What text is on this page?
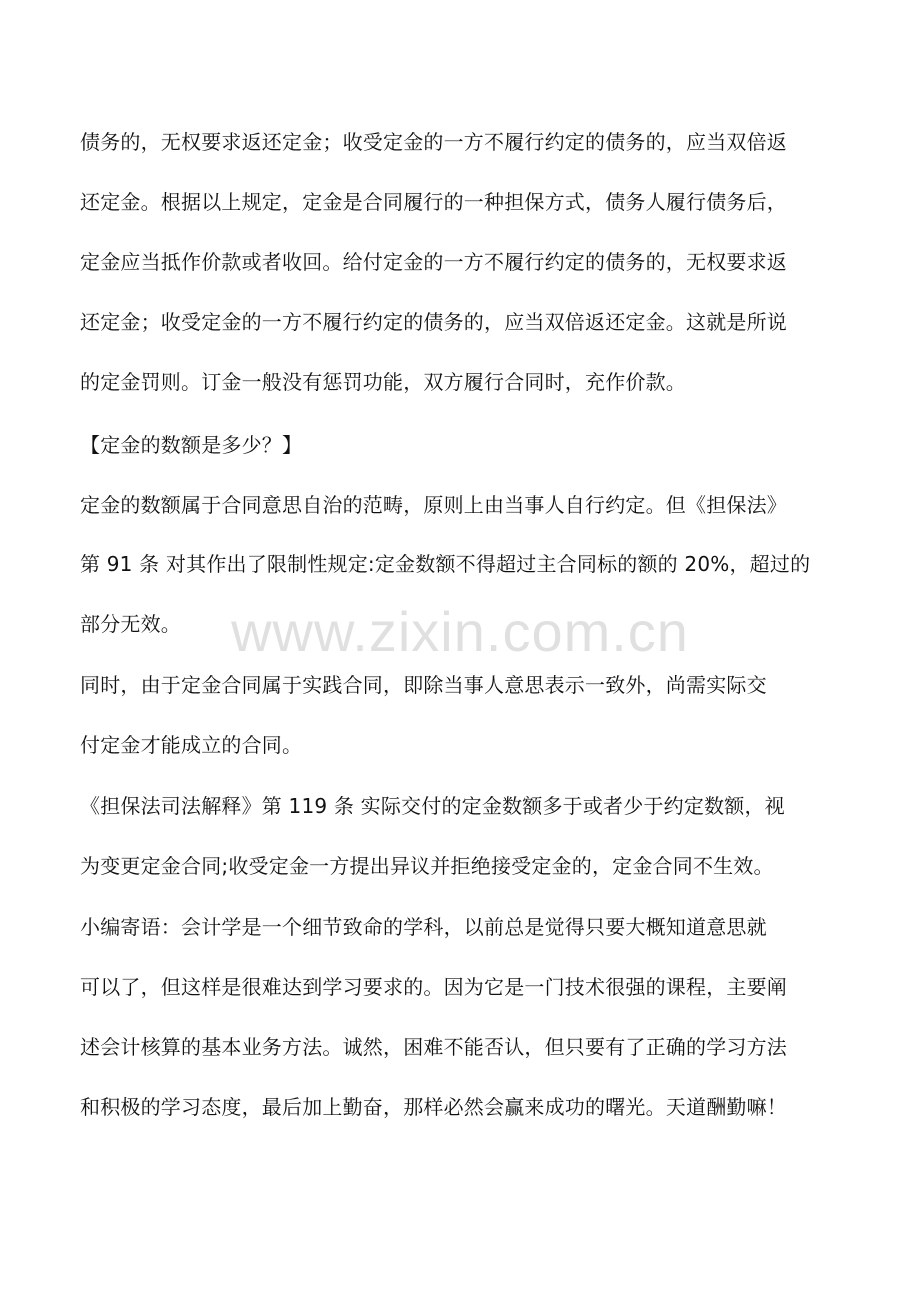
债务的，无权要求返还定金；收受定金的一方不履行约定的债务的，应当双倍返
还定金。根据以上规定，定金是合同履行的一种担保方式，债务人履行债务后，
定金应当抵作价款或者收回。给付定金的一方不履行约定的债务的，无权要求返
还定金；收受定金的一方不履行约定的债务的，应当双倍返还定金。这就是所说
的定金罚则。订金一般没有惩罚功能，双方履行合同时，充作价款。
【定金的数额是多少？】
定金的数额属于合同意思自治的范畴，原则上由当事人自行约定。但《担保法》
第 91 条 对其作出了限制性规定:定金数额不得超过主合同标的额的 20%，超过的
部分无效。
同时，由于定金合同属于实践合同，即除当事人意思表示一致外，尚需实际交
付定金才能成立的合同。
《担保法司法解释》第 119 条 实际交付的定金数额多于或者少于约定数额，视
为变更定金合同;收受定金一方提出异议并拒绝接受定金的，定金合同不生效。
小编寄语：会计学是一个细节致命的学科，以前总是觉得只要大概知道意思就
可以了，但这样是很难达到学习要求的。因为它是一门技术很强的课程，主要阐
述会计核算的基本业务方法。诚然，困难不能否认，但只要有了正确的学习方法
和积极的学习态度，最后加上勤奋，那样必然会赢来成功的曙光。天道酬勤嘛！
www.zixin.com.cn
